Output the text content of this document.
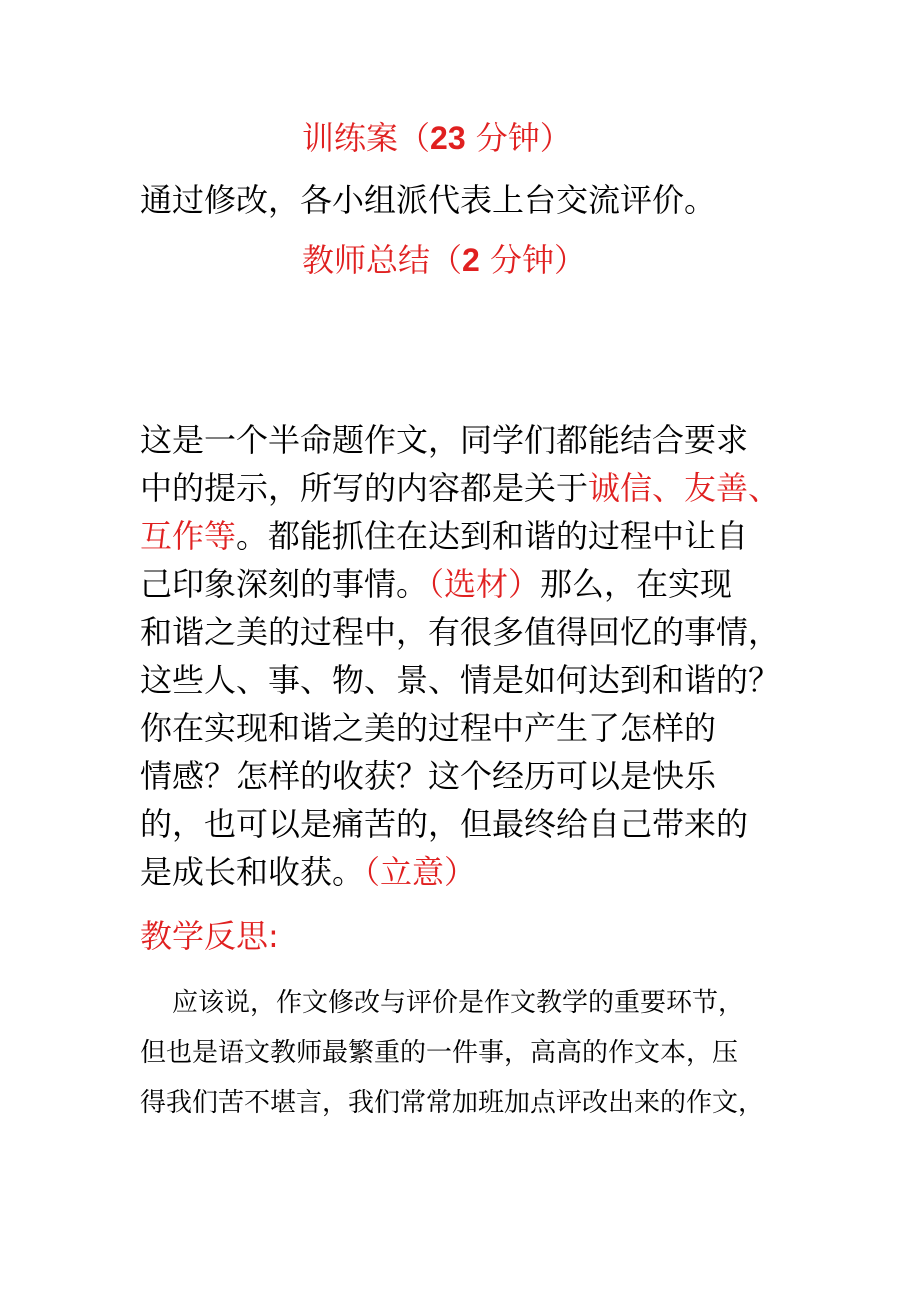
训练案（23 分钟）
通过修改，各小组派代表上台交流评价。
教师总结（2 分钟）
这是一个半命题作文，同学们都能结合要求
中的提示，所写的内容都是关于诚信、友善、
互作等。都能抓住在达到和谐的过程中让自
己印象深刻的事情。（选材）那么，在实现
和谐之美的过程中，有很多值得回忆的事情，
这些人、事、物、景、情是如何达到和谐的？
你在实现和谐之美的过程中产生了怎样的
情感？怎样的收获？这个经历可以是快乐
的，也可以是痛苦的，但最终给自己带来的
是成长和收获。（立意）
教学反思:
应该说，作文修改与评价是作文教学的重要环节，
但也是语文教师最繁重的一件事，高高的作文本，压
得我们苦不堪言，我们常常加班加点评改出来的作文，
